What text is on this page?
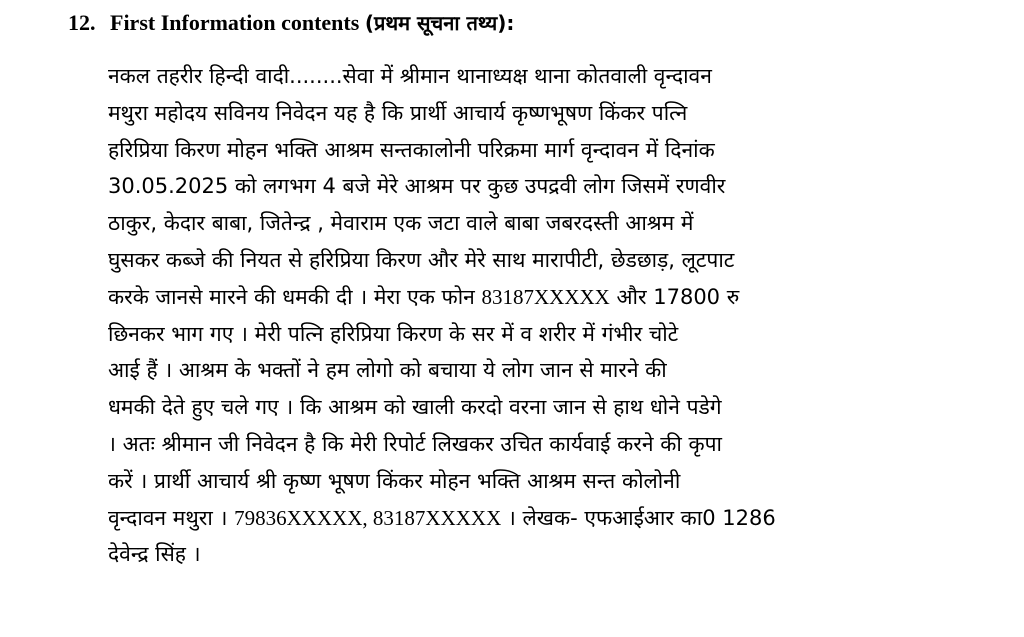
12. First Information contents (प्रथम सूचना तथ्य):
नकल तहरीर हिन्दी वादी........सेवा में श्रीमान थानाध्यक्ष थाना कोतवाली वृन्दावन
मथुरा महोदय सविनय निवेदन यह है कि प्रार्थी आचार्य कृष्णभूषण किंकर पत्नि
हरिप्रिया किरण मोहन भक्ति आश्रम सन्तकालोनी परिक्रमा मार्ग वृन्दावन में दिनांक
30.05.2025 को लगभग 4 बजे मेरे आश्रम पर कुछ उपद्रवी लोग जिसमें रणवीर
ठाकुर, केदार बाबा, जितेन्द्र , मेवाराम एक जटा वाले बाबा जबरदस्ती आश्रम में
घुसकर कब्जे की नियत से हरिप्रिया किरण और मेरे साथ मारापीटी, छेडछाड़, लूटपाट
करके जानसे मारने की धमकी दी । मेरा एक फोन 83187XXXXX और 17800 रु
छिनकर भाग गए । मेरी पत्नि हरिप्रिया किरण के सर में व शरीर में गंभीर चोटे
आई हैं । आश्रम के भक्तों ने हम लोगो को बचाया ये लोग जान से मारने की
धमकी देते हुए चले गए । कि आश्रम को खाली करदो वरना जान से हाथ धोने पडेगे
। अतः श्रीमान जी निवेदन है कि मेरी रिपोर्ट लिखकर उचित कार्यवाई करने की कृपा
करें । प्रार्थी आचार्य श्री कृष्ण भूषण किंकर मोहन भक्ति आश्रम सन्त कोलोनी
वृन्दावन मथुरा । 79836XXXXX, 83187XXXXX । लेखक- एफआईआर का0 1286
देवेन्द्र सिंह ।
